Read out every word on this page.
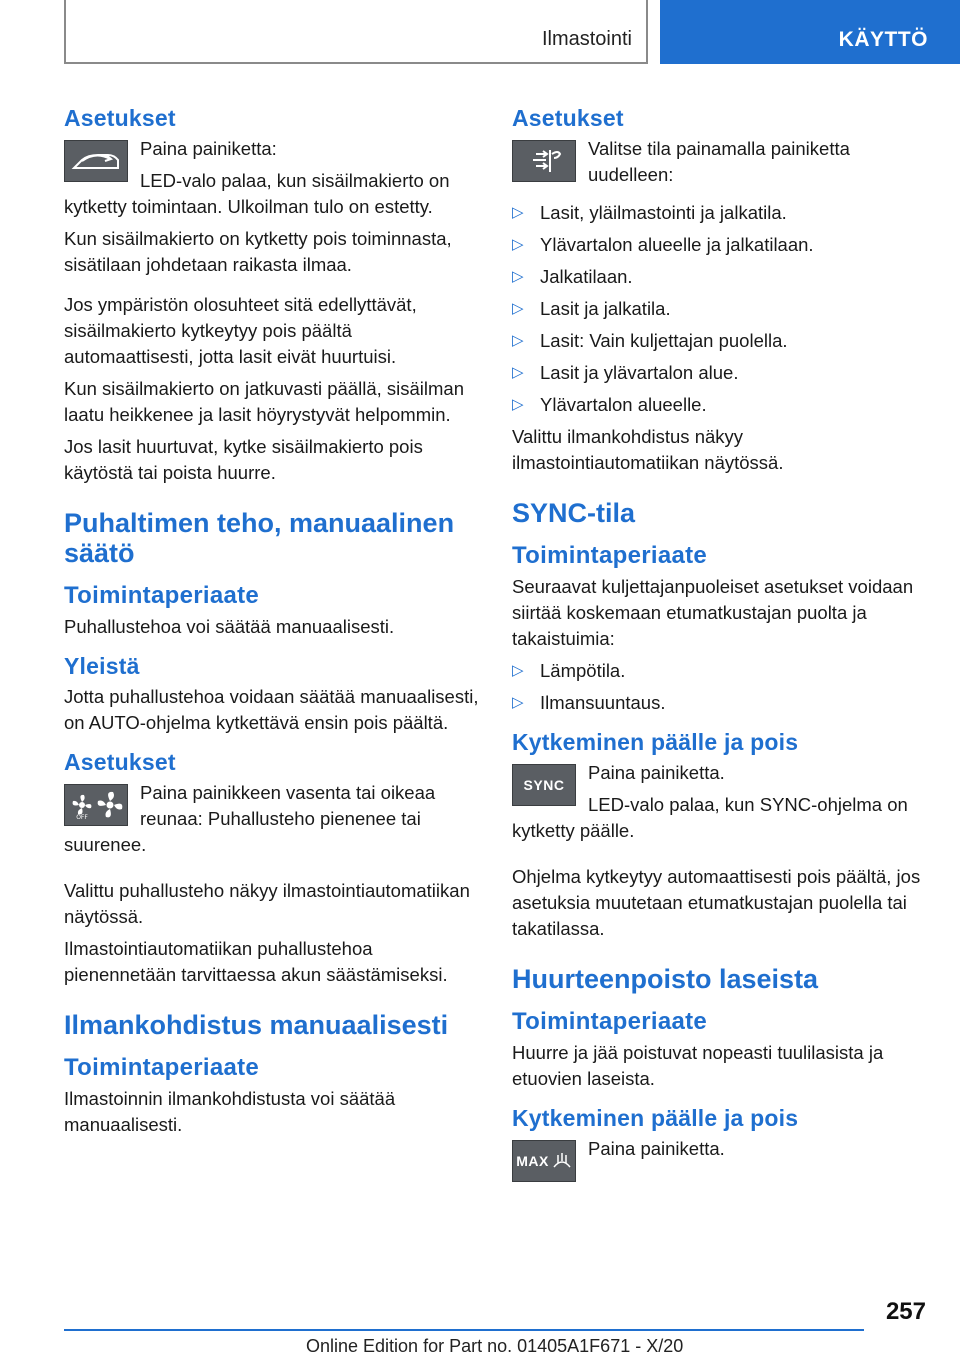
Ilmastointi	KÄYTTÖ
Asetukset

Paina painiketta:

LED-valo palaa, kun sisäilmakierto on kytketty toimintaan. Ulkoilman tulo on estetty.

Kun sisäilmakierto on kytketty pois toiminnasta, sisätilaan johdetaan raikasta ilmaa.

Jos ympäristön olosuhteet sitä edellyttävät, sisäilmakierto kytkeytyy pois päältä automaattisesti, jotta lasit eivät huurtuisi.

Kun sisäilmakierto on jatkuvasti päällä, sisäilman laatu heikkenee ja lasit höyrystyvät helpommin.

Jos lasit huurtuvat, kytke sisäilmakierto pois käytöstä tai poista huurre.

Puhaltimen teho, manuaalinen säätö
Toimintaperiaate

Puhallustehoa voi säätää manuaalisesti.

Yleistä

Jotta puhallustehoa voidaan säätää manuaalisesti, on AUTO-ohjelma kytkettävä ensin pois päältä.

Asetukset
OFF

Paina painikkeen vasenta tai oikeaa reunaa: Puhallusteho pienenee tai suurenee.

Valittu puhallusteho näkyy ilmastointiautomatiikan näytössä.

Ilmastointiautomatiikan puhallustehoa pienennetään tarvittaessa akun säästämiseksi.

Ilmankohdistus manuaalisesti
Toimintaperiaate

Ilmastoinnin ilmankohdistusta voi säätää manuaalisesti.

Asetukset

Valitse tila painamalla painiketta uudelleen:

▷ Lasit, yläilmastointi ja jalkatila.
▷ Ylävartalon alueelle ja jalkatilaan.
▷ Jalkatilaan.
▷ Lasit ja jalkatila.
▷ Lasit: Vain kuljettajan puolella.
▷ Lasit ja ylävartalon alue.
▷ Ylävartalon alueelle.

Valittu ilmankohdistus näkyy ilmastointiautomatiikan näytössä.

SYNC-tila
Toimintaperiaate

Seuraavat kuljettajanpuoleiset asetukset voidaan siirtää koskemaan etumatkustajan puolta ja takaistuimia:

▷ Lämpötila.
▷ Ilmansuuntaus.
Kytkeminen päälle ja pois
SYNC

Paina painiketta.

LED-valo palaa, kun SYNC-ohjelma on kytketty päälle.

Ohjelma kytkeytyy automaattisesti pois päältä, jos asetuksia muutetaan etumatkustajan puolella tai takatilassa.

Huurteenpoisto laseista
Toimintaperiaate

Huurre ja jää poistuvat nopeasti tuulilasista ja etuovien laseista.

Kytkeminen päälle ja pois
MAX

Paina painiketta.

257
Online Edition for Part no. 01405A1F671 - X/20
